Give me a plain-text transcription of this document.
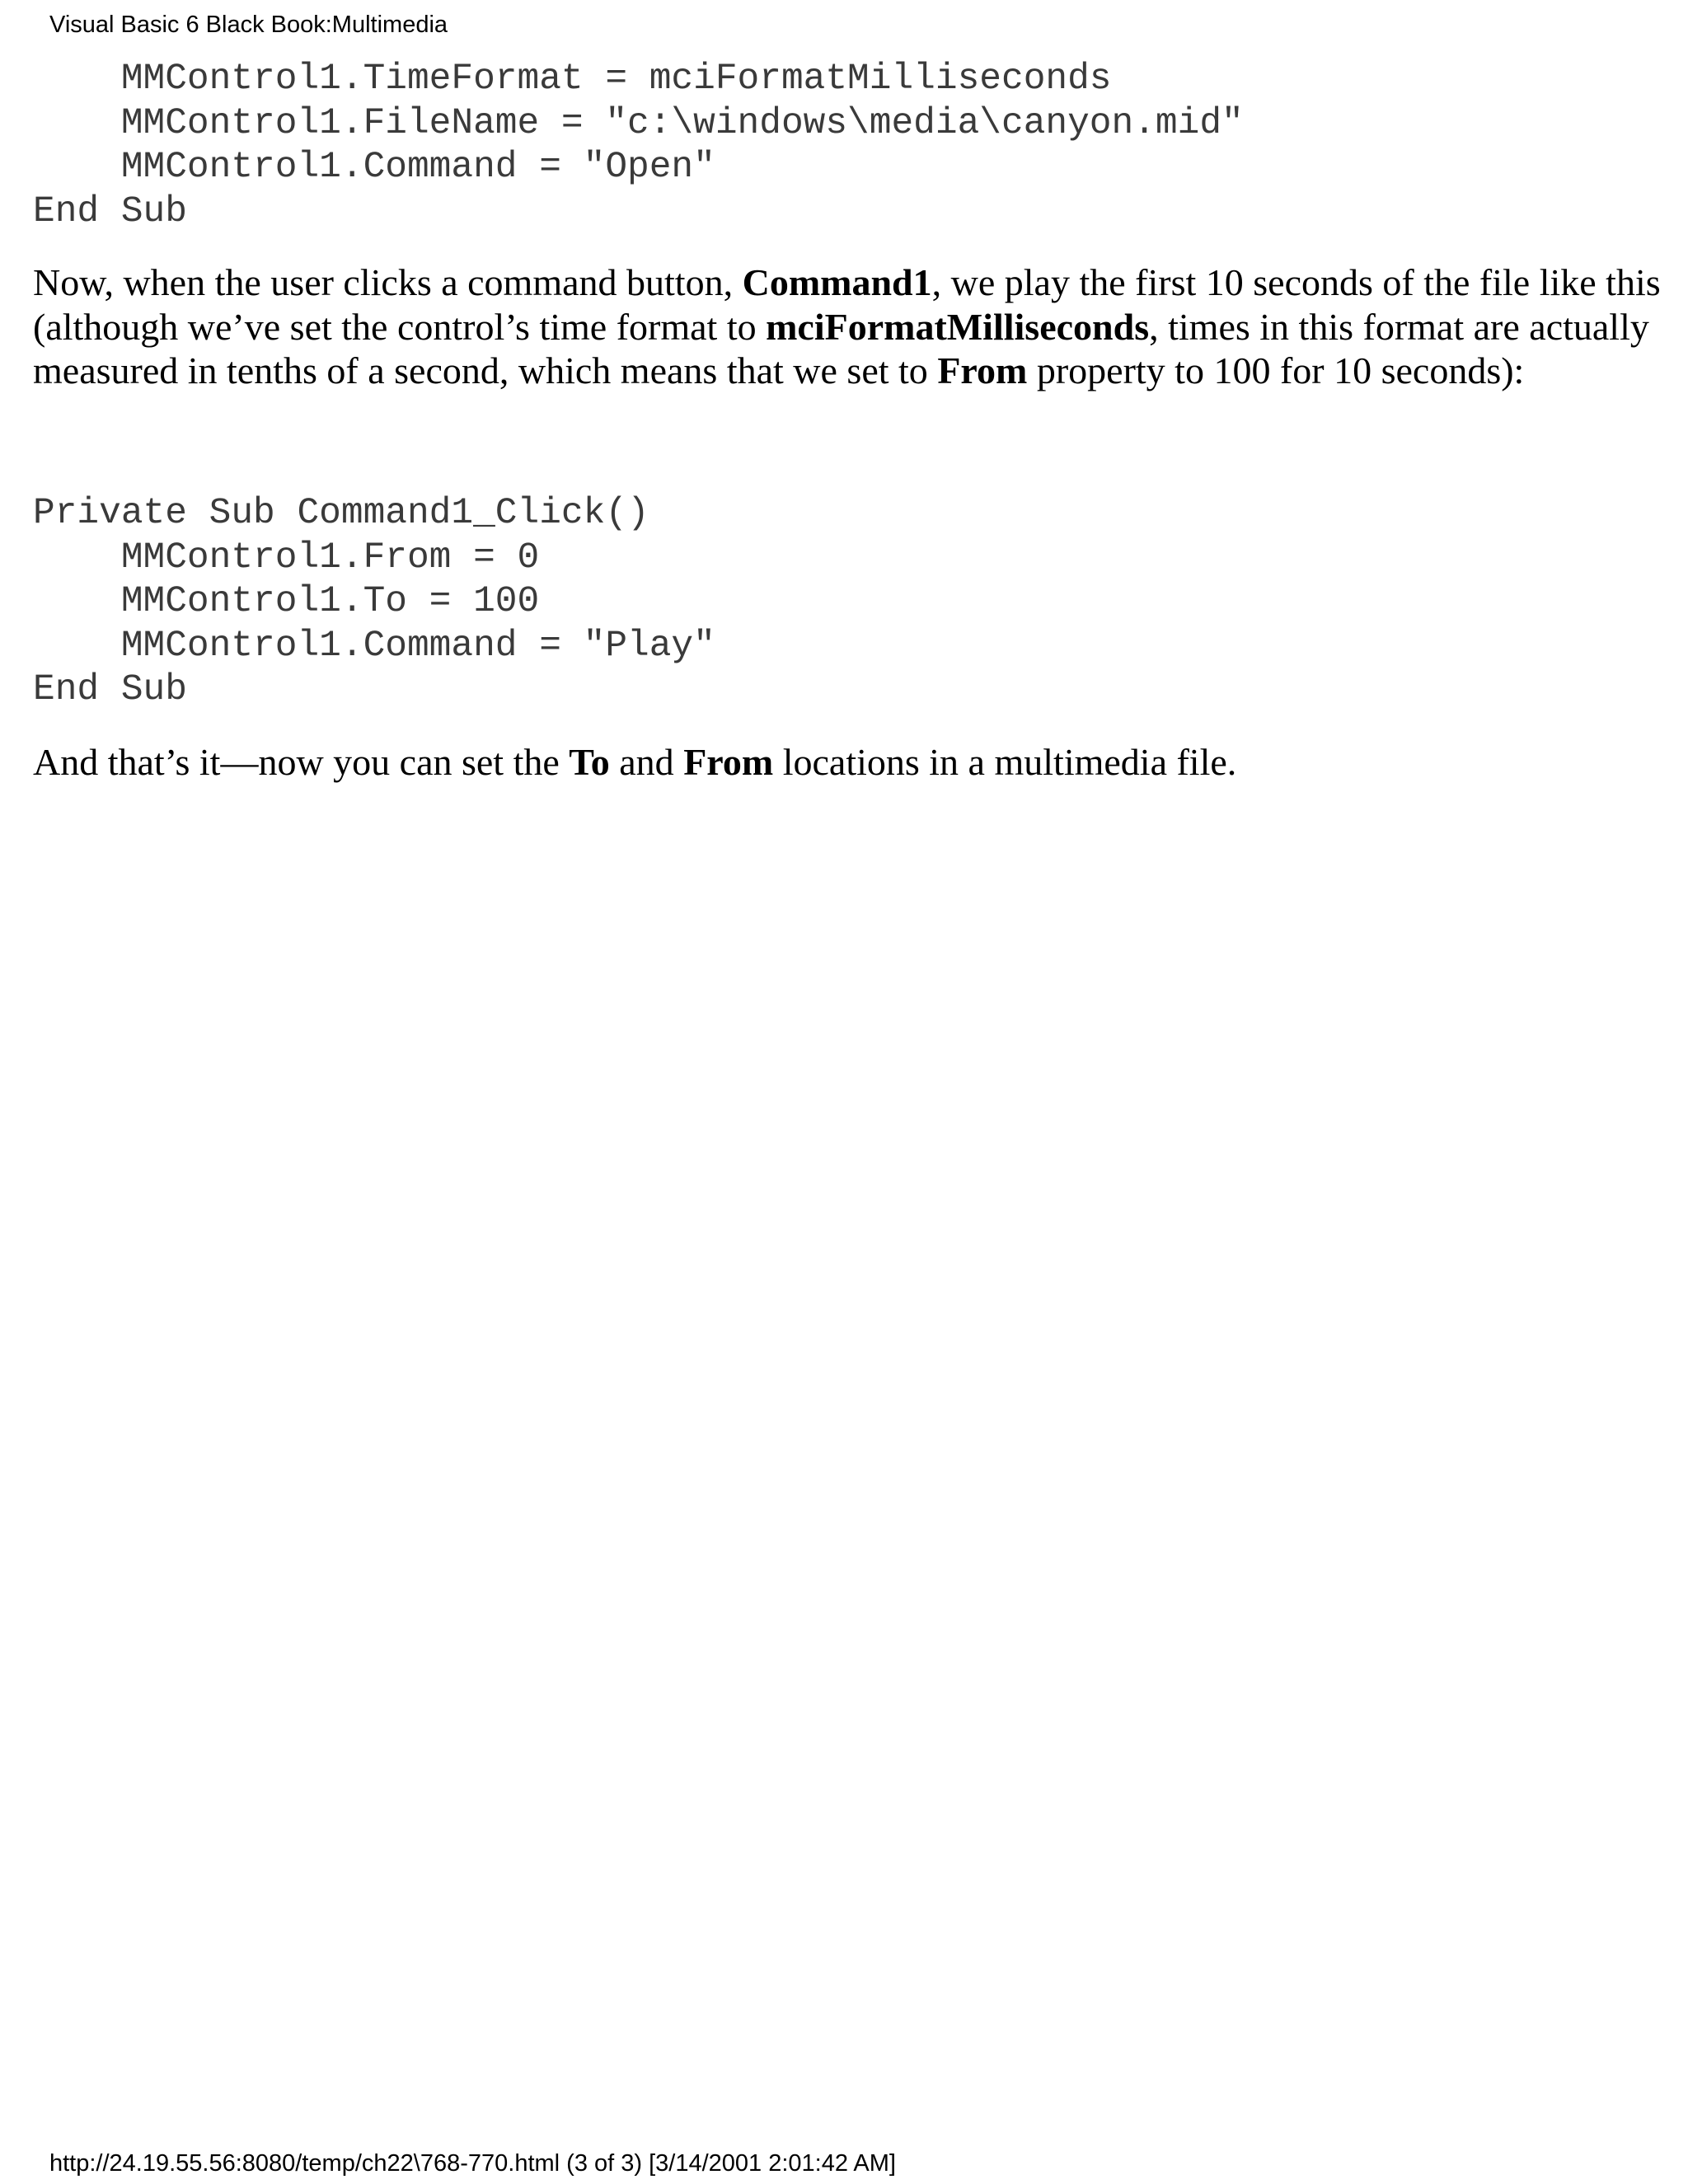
Visual Basic 6 Black Book:Multimedia
MMControl1.TimeFormat = mciFormatMilliseconds
MMControl1.FileName = "c:\windows\media\canyon.mid"
MMControl1.Command = "Open"
End Sub

Now, when the user clicks a command button, Command1, we play the first 10 seconds of the file like this (although we’ve set the control’s time format to mciFormatMilliseconds, times in this format are actually measured in tenths of a second, which means that we set to From property to 100 for 10 seconds):

Private Sub Command1_Click()
MMControl1.From = 0
MMControl1.To = 100
MMControl1.Command = "Play"
End Sub

And that’s it—now you can set the To and From locations in a multimedia file.

http://24.19.55.56:8080/temp/ch22\768-770.html (3 of 3) [3/14/2001 2:01:42 AM]
